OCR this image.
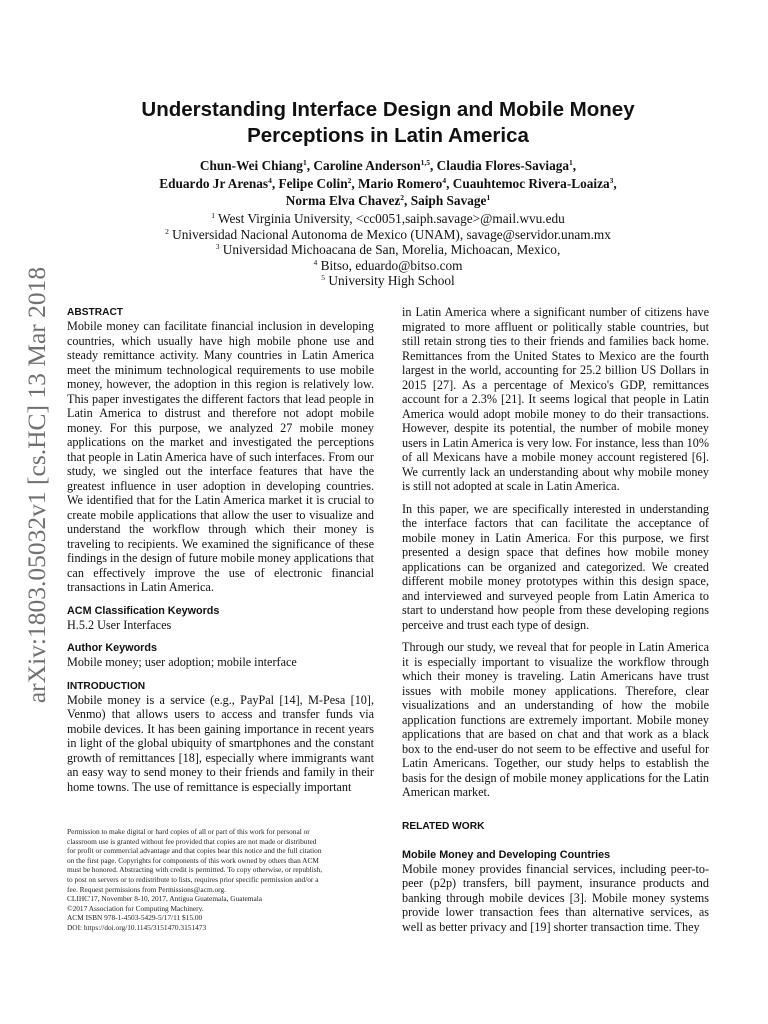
arXiv:1803.05032v1 [cs.HC] 13 Mar 2018
Understanding Interface Design and Mobile Money
Perceptions in Latin America
Chun-Wei Chiang$^1$, Caroline Anderson$^{1,5}$, Claudia Flores-Saviaga$^1$,
Eduardo Jr Arenas$^4$, Felipe Colin$^2$, Mario Romero$^4$, Cuauhtemoc Rivera-Loaiza$^3$,
Norma Elva Chavez$^2$, Saiph Savage$^1$
$^1$ West Virginia University, <cc0051,saiph.savage>@mail.wvu.edu
$^2$ Universidad Nacional Autonoma de Mexico (UNAM), savage@servidor.unam.mx
$^3$ Universidad Michoacana de San, Morelia, Michoacan, Mexico,
$^4$ Bitso, eduardo@bitso.com
$^5$ University High School
ABSTRACT

Mobile money can facilitate financial inclusion in developing countries, which usually have high mobile phone use and steady remittance activity. Many countries in Latin America meet the minimum technological requirements to use mobile money, however, the adoption in this region is relatively low. This paper investigates the different factors that lead people in Latin America to distrust and therefore not adopt mobile money. For this purpose, we analyzed 27 mobile money applications on the market and investigated the perceptions that people in Latin America have of such interfaces. From our study, we singled out the interface features that have the greatest influence in user adoption in developing countries. We identified that for the Latin America market it is crucial to create mobile applications that allow the user to visualize and understand the workflow through which their money is traveling to recipients. We examined the significance of these findings in the design of future mobile money applications that can effectively improve the use of electronic financial transactions in Latin America.

ACM Classification Keywords

H.5.2 User Interfaces

Author Keywords

Mobile money; user adoption; mobile interface

INTRODUCTION

Mobile money is a service (e.g., PayPal [14], M-Pesa [10], Venmo) that allows users to access and transfer funds via mobile devices. It has been gaining importance in recent years in light of the global ubiquity of smartphones and the constant growth of remittances [18], especially where immigrants want an easy way to send money to their friends and family in their home towns. The use of remittance is especially important

Permission to make digital or hard copies of all or part of this work for personal or
classroom use is granted without fee provided that copies are not made or distributed
for profit or commercial advantage and that copies bear this notice and the full citation
on the first page. Copyrights for components of this work owned by others than ACM
must be honored. Abstracting with credit is permitted. To copy otherwise, or republish,
to post on servers or to redistribute to lists, requires prior specific permission and/or a
fee. Request permissions from Permissions@acm.org.
CLIHC'17, November 8-10, 2017, Antigua Guatemala, Guatemala
©2017 Association for Computing Machinery.
ACM ISBN 978-1-4503-5429-5/17/11 $15.00
DOI: https://doi.org/10.1145/3151470.3151473

in Latin America where a significant number of citizens have migrated to more affluent or politically stable countries, but still retain strong ties to their friends and families back home. Remittances from the United States to Mexico are the fourth largest in the world, accounting for 25.2 billion US Dollars in 2015 [27]. As a percentage of Mexico's GDP, remittances account for a 2.3% [21]. It seems logical that people in Latin America would adopt mobile money to do their transactions. However, despite its potential, the number of mobile money users in Latin America is very low. For instance, less than 10% of all Mexicans have a mobile money account registered [6]. We currently lack an understanding about why mobile money is still not adopted at scale in Latin America.

In this paper, we are specifically interested in understanding the interface factors that can facilitate the acceptance of mobile money in Latin America. For this purpose, we first presented a design space that defines how mobile money applications can be organized and categorized. We created different mobile money prototypes within this design space, and interviewed and surveyed people from Latin America to start to understand how people from these developing regions perceive and trust each type of design.

Through our study, we reveal that for people in Latin America it is especially important to visualize the workflow through which their money is traveling. Latin Americans have trust issues with mobile money applications. Therefore, clear visualizations and an understanding of how the mobile application functions are extremely important. Mobile money applications that are based on chat and that work as a black box to the end-user do not seem to be effective and useful for Latin Americans. Together, our study helps to establish the basis for the design of mobile money applications for the Latin American market.

RELATED WORK
Mobile Money and Developing Countries

Mobile money provides financial services, including peer-to-peer (p2p) transfers, bill payment, insurance products and banking through mobile devices [3]. Mobile money systems provide lower transaction fees than alternative services, as well as better privacy and [19] shorter transaction time. They
